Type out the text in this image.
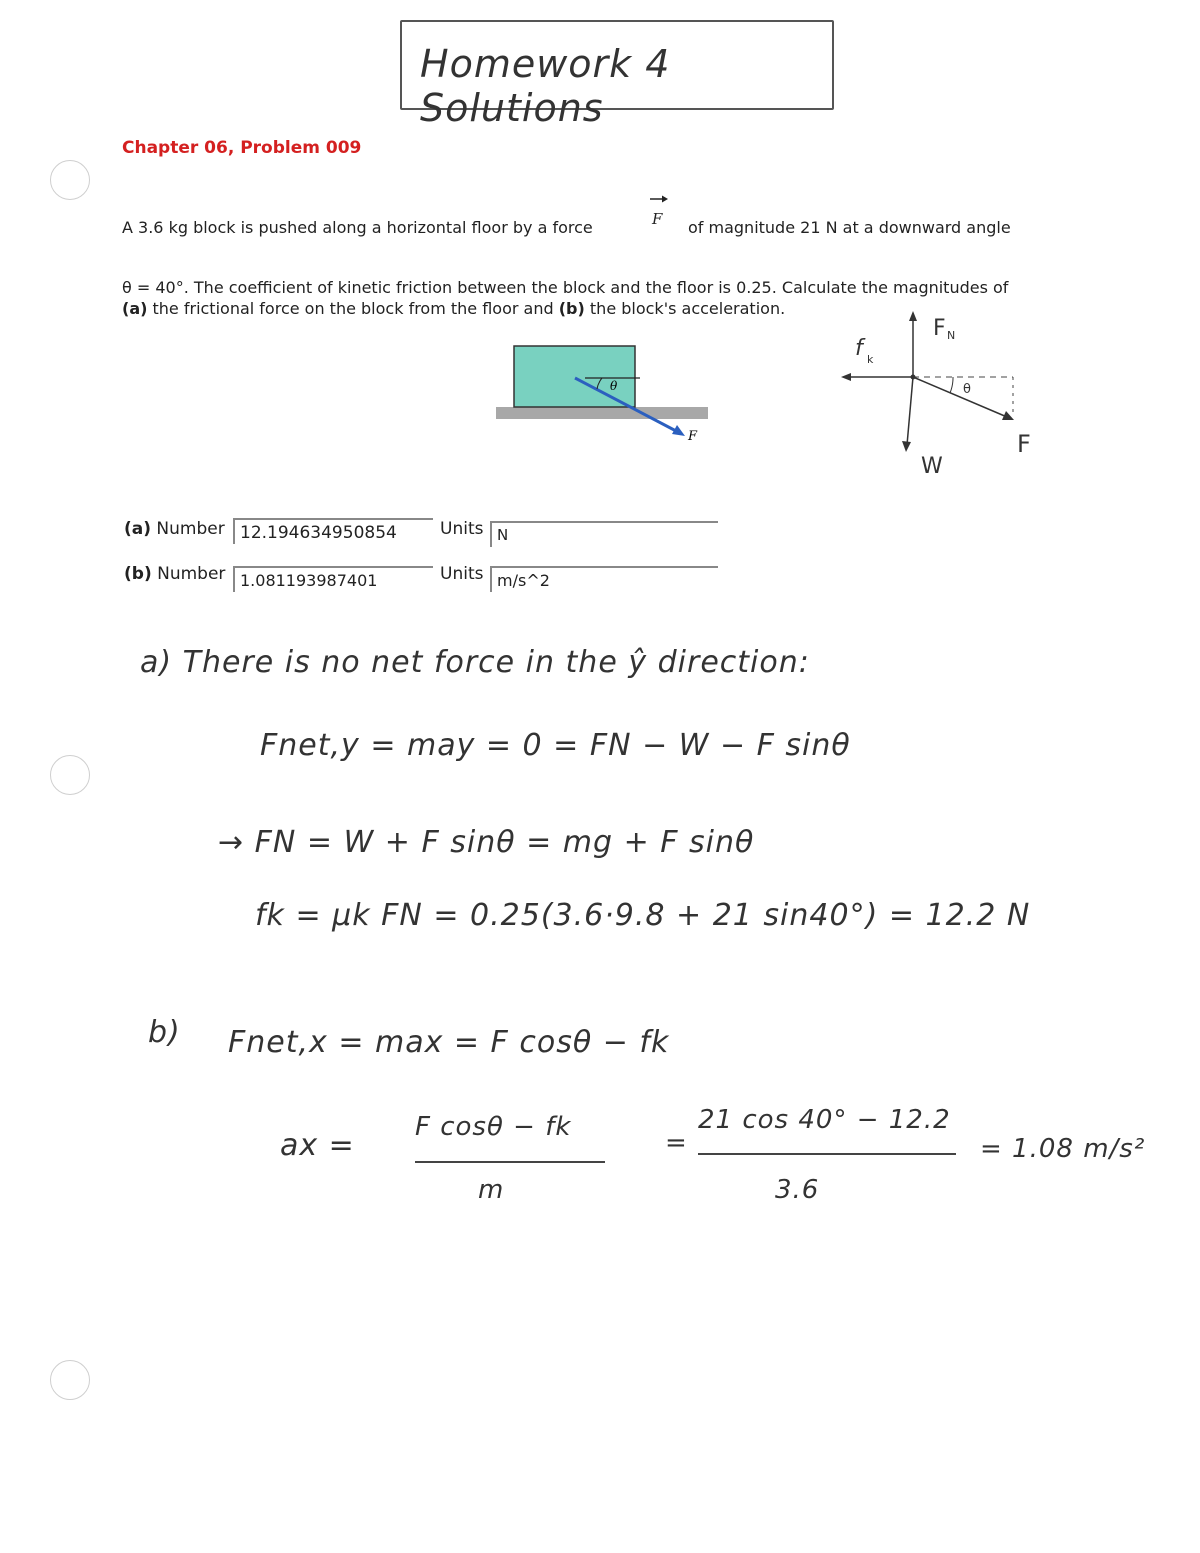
Homework 4 Solutions
Chapter 06, Problem 009
A 3.6 kg block is pushed along a horizontal floor by a force	F of magnitude 21 N at a downward angle
θ = 40°. The coefficient of kinetic friction between the block and the floor is 0.25. Calculate the magnitudes of
(a) the frictional force on the block from the floor and (b) the block's acceleration.
θ
F
F N
f k
θ
W
F
(a) Number 12.194634950854	Units N
(b) Number 1.081193987401	Units m/s^2
a) There is no net force in the ŷ direction:
Fnet,y = may = 0 = FN − W − F sinθ
→ FN = W + F sinθ = mg + F sinθ
fk = μk FN = 0.25(3.6·9.8 + 21 sin40°) = 12.2 N
b) Fnet,x = max = F cosθ − fk
ax =
F cosθ − fk
m
=
21 cos 40° − 12.2
3.6
= 1.08 m/s²
